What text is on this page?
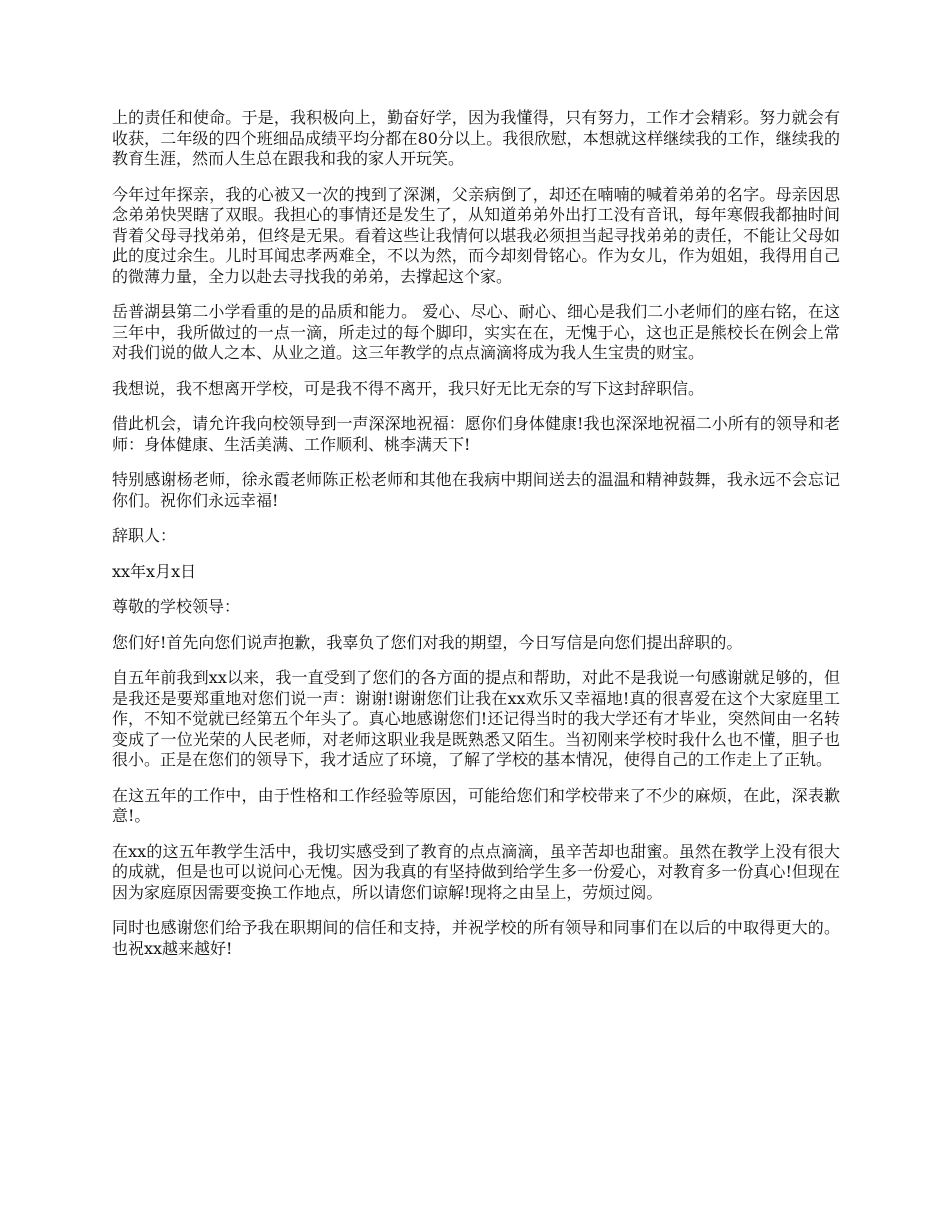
上的责任和使命。于是，我积极向上，勤奋好学，因为我懂得，只有努力，工作才会精彩。努力就会有收获，二年级的四个班细品成绩平均分都在80分以上。我很欣慰，本想就这样继续我的工作，继续我的教育生涯，然而人生总在跟我和我的家人开玩笑。

今年过年探亲，我的心被又一次的拽到了深渊，父亲病倒了，却还在喃喃的喊着弟弟的名字。母亲因思念弟弟快哭瞎了双眼。我担心的事情还是发生了，从知道弟弟外出打工没有音讯，每年寒假我都抽时间背着父母寻找弟弟，但终是无果。看着这些让我情何以堪我必须担当起寻找弟弟的责任，不能让父母如此的度过余生。儿时耳闻忠孝两难全，不以为然，而今却刻骨铭心。作为女儿，作为姐姐，我得用自己的微薄力量，全力以赴去寻找我的弟弟，去撑起这个家。

岳普湖县第二小学看重的是的品质和能力。 爱心、尽心、耐心、细心是我们二小老师们的座右铭，在这三年中，我所做过的一点一滴，所走过的每个脚印，实实在在，无愧于心，这也正是熊校长在例会上常对我们说的做人之本、从业之道。这三年教学的点点滴滴将成为我人生宝贵的财宝。

我想说，我不想离开学校，可是我不得不离开，我只好无比无奈的写下这封辞职信。

借此机会，请允许我向校领导到一声深深地祝福：愿你们身体健康!我也深深地祝福二小所有的领导和老师：身体健康、生活美满、工作顺利、桃李满天下!

特别感谢杨老师，徐永霞老师陈正松老师和其他在我病中期间送去的温温和精神鼓舞，我永远不会忘记你们。祝你们永远幸福!

辞职人：

xx年x月x日

尊敬的学校领导：

您们好!首先向您们说声抱歉，我辜负了您们对我的期望，今日写信是向您们提出辞职的。

自五年前我到xx以来，我一直受到了您们的各方面的提点和帮助，对此不是我说一句感谢就足够的，但是我还是要郑重地对您们说一声：谢谢!谢谢您们让我在xx欢乐又幸福地!真的很喜爱在这个大家庭里工作，不知不觉就已经第五个年头了。真心地感谢您们!还记得当时的我大学还有才毕业，突然间由一名转变成了一位光荣的人民老师，对老师这职业我是既熟悉又陌生。当初刚来学校时我什么也不懂，胆子也很小。正是在您们的领导下，我才适应了环境，了解了学校的基本情况，使得自己的工作走上了正轨。

在这五年的工作中，由于性格和工作经验等原因，可能给您们和学校带来了不少的麻烦，在此，深表歉意!。

在xx的这五年教学生活中，我切实感受到了教育的点点滴滴，虽辛苦却也甜蜜。虽然在教学上没有很大的成就，但是也可以说问心无愧。因为我真的有坚持做到给学生多一份爱心，对教育多一份真心!但现在因为家庭原因需要变换工作地点，所以请您们谅解!现将之由呈上，劳烦过阅。

同时也感谢您们给予我在职期间的信任和支持，并祝学校的所有领导和同事们在以后的中取得更大的。也祝xx越来越好!
